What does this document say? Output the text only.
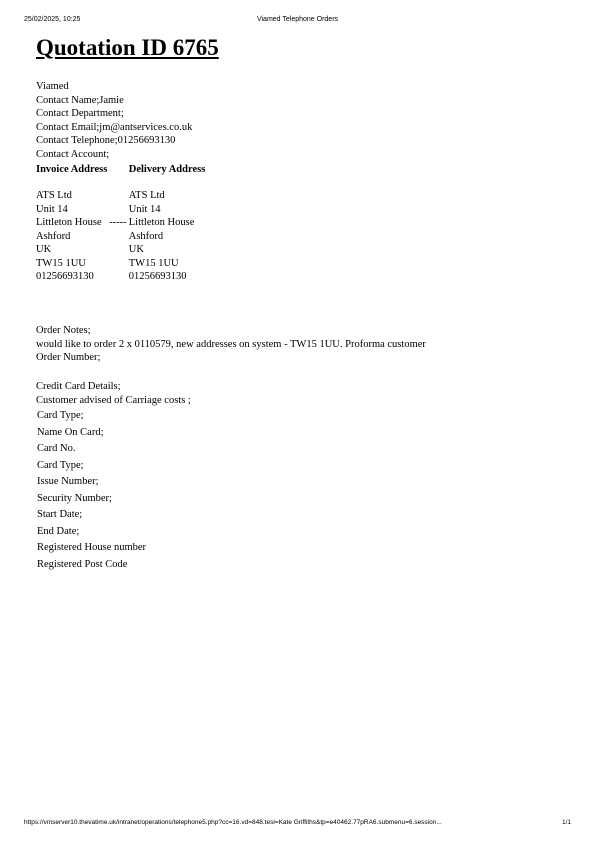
25/02/2025, 10:25	Viamed Telephone Orders
Quotation ID 6765
Viamed
Contact Name;Jamie
Contact Department;
Contact Email;jm@antservices.co.uk
Contact Telephone;01256693130
Contact Account;
Invoice Address		Delivery Address

ATS Ltd		ATS Ltd
Unit 14		Unit 14
Littleton House	-----	Littleton House
Ashford		Ashford
UK		UK
TW15 1UU		TW15 1UU
01256693130		01256693130
Order Notes;
would like to order 2 x 0110579, new addresses on system - TW15 1UU. Proforma customer
Order Number;
Credit Card Details;
Customer advised of Carriage costs ;
Card Type;
Name On Card;
Card No.
Card Type;
Issue Number;
Security Number;
Start Date;
End Date;
Registered House number
Registered Post Code
https://vmserver10.thevatime.uk/intranet/operations/telephone5.php?cc=16.vd=848.tesl=Kate Griffiths&tp=e40462.77pRA6.submenu=6.session...	1/1
